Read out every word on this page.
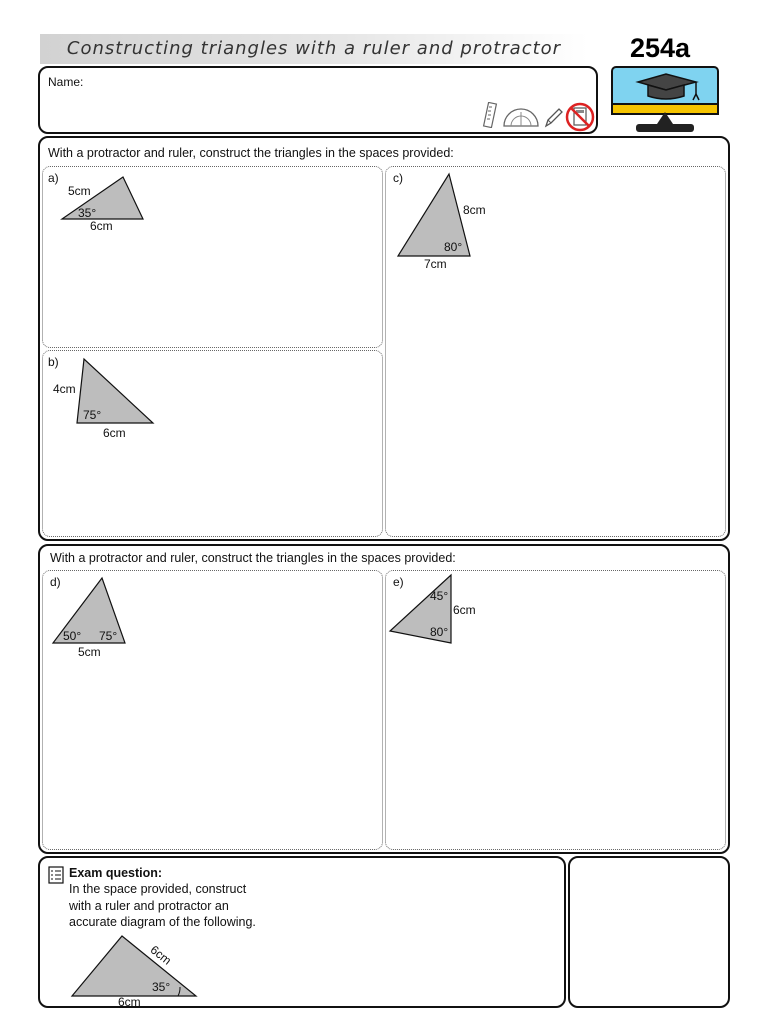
Constructing triangles with a ruler and protractor	254a
Name:
With a protractor and ruler, construct the triangles in the spaces provided:
a)
5cm
35°
6cm
b)
4cm
75°
6cm
c)
8cm
80°
7cm
With a protractor and ruler, construct the triangles in the spaces provided:
d)
50° 75°
5cm
e)
45°
6cm
80°
Exam question:
In the space provided, construct
with a ruler and protractor an
accurate diagram of the following.
6cm
35°
6cm
